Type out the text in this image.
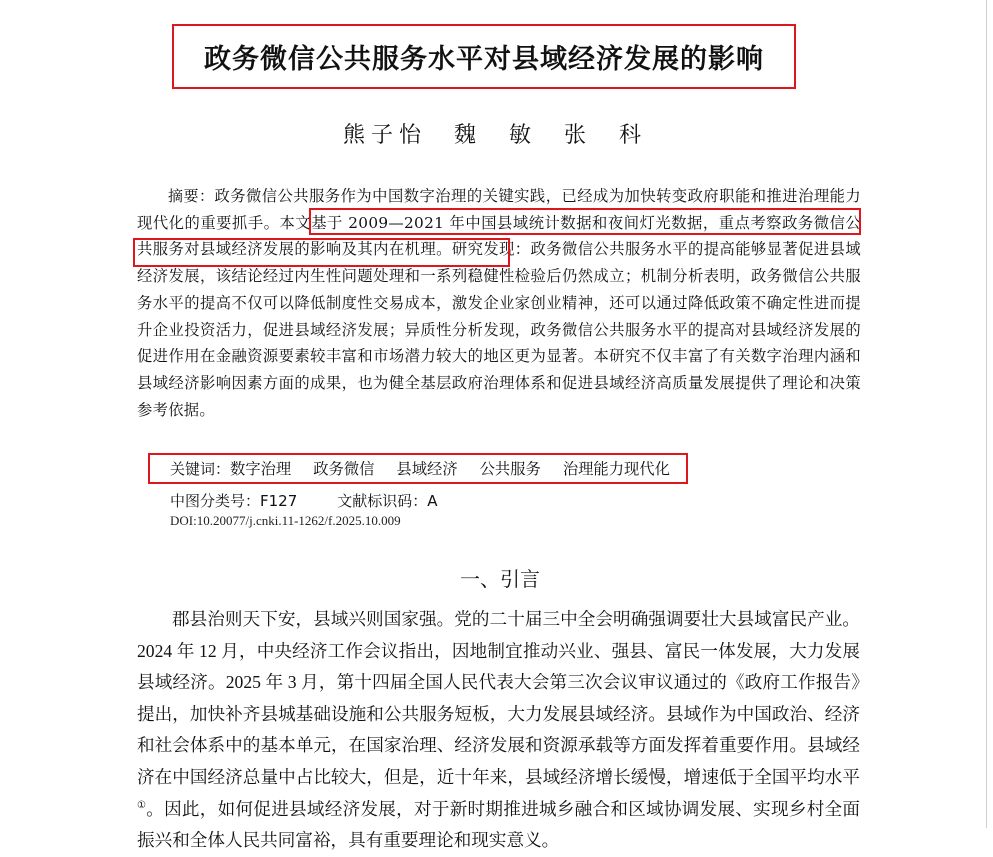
政务微信公共服务水平对县域经济发展的影响
熊子怡 魏 敏 张 科

摘要：政务微信公共服务作为中国数字治理的关键实践，已经成为加快转变政府职能和推进治理能力现代化的重要抓手。本文基于 2009—2021 年中国县域统计数据和夜间灯光数据，重点考察政务微信公共服务对县域经济发展的影响及其内在机理。研究发现：政务微信公共服务水平的提高能够显著促进县域经济发展，该结论经过内生性问题处理和一系列稳健性检验后仍然成立；机制分析表明，政务微信公共服务水平的提高不仅可以降低制度性交易成本，激发企业家创业精神，还可以通过降低政策不确定性进而提升企业投资活力，促进县域经济发展；异质性分析发现，政务微信公共服务水平的提高对县域经济发展的促进作用在金融资源要素较丰富和市场潜力较大的地区更为显著。本研究不仅丰富了有关数字治理内涵和县域经济影响因素方面的成果，也为健全基层政府治理体系和促进县域经济高质量发展提供了理论和决策参考依据。

关键词：数字治理 政务微信 县域经济 公共服务 治理能力现代化
中图分类号：F127	文献标识码：A
DOI:10.20077/j.cnki.11-1262/f.2025.10.009
一、引言

郡县治则天下安，县域兴则国家强。党的二十届三中全会明确强调要壮大县域富民产业。2024 年 12 月，中央经济工作会议指出，因地制宜推动兴业、强县、富民一体发展，大力发展县域经济。2025 年 3 月，第十四届全国人民代表大会第三次会议审议通过的《政府工作报告》提出，加快补齐县城基础设施和公共服务短板，大力发展县域经济。县域作为中国政治、经济和社会体系中的基本单元，在国家治理、经济发展和资源承载等方面发挥着重要作用。县域经济在中国经济总量中占比较大，但是，近十年来，县域经济增长缓慢，增速低于全国平均水平①。因此，如何促进县域经济发展，对于新时期推进城乡融合和区域协调发展、实现乡村全面振兴和全体人民共同富裕，具有重要理论和现实意义。
